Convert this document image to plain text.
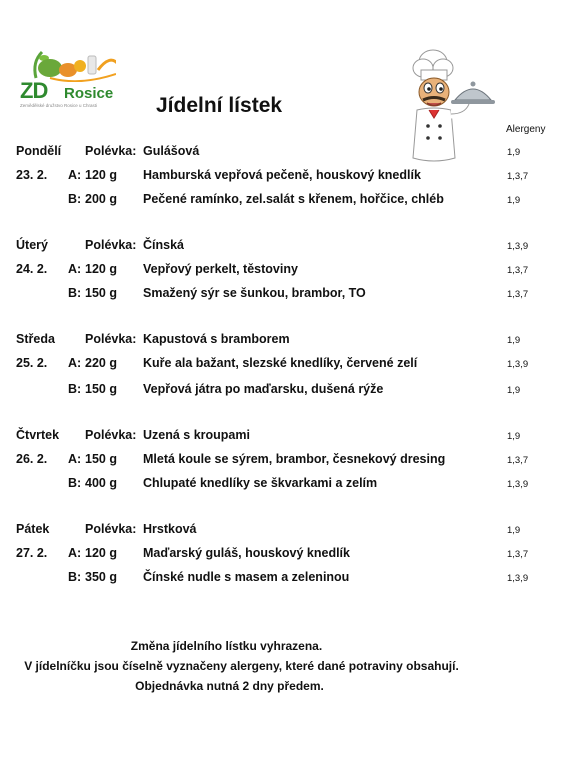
ZD Rosice
Zemědělské družstvo Rosice u Chrasti	Jídelní lístek
Alergeny
Pondělí Polévka: Gulášová	1,9
23. 2. A: 120 g Hamburská vepřová pečeně, houskový knedlík	1,3,7
B: 200 g Pečené ramínko, zel.salát s křenem, hořčice, chléb	1,9
Úterý	Polévka: Čínská	1,3,9
24. 2. A: 120 g Vepřový perkelt, těstoviny	1,3,7
B: 150 g Smažený sýr se šunkou, brambor, TO	1,3,7
Středa Polévka: Kapustová s bramborem	1,9
25. 2. A: 220 g Kuře ala bažant, slezské knedlíky, červené zelí	1,3,9
B: 150 g Vepřová játra po maďarsku, dušená rýže	1,9
Čtvrtek Polévka: Uzená s kroupami	1,9
26. 2. A: 150 g Mletá koule se sýrem, brambor, česnekový dresing	1,3,7
B: 400 g Chlupaté knedlíky se škvarkami a zelím	1,3,9
Pátek	Polévka: Hrstková	1,9
27. 2. A: 120 g Maďarský guláš, houskový knedlík	1,3,7
B: 350 g Čínské nudle s masem a zeleninou	1,3,9
Změna jídelního lístku vyhrazena.
V jídelníčku jsou číselně vyznačeny alergeny, které dané potraviny obsahují.
Objednávka nutná 2 dny předem.
